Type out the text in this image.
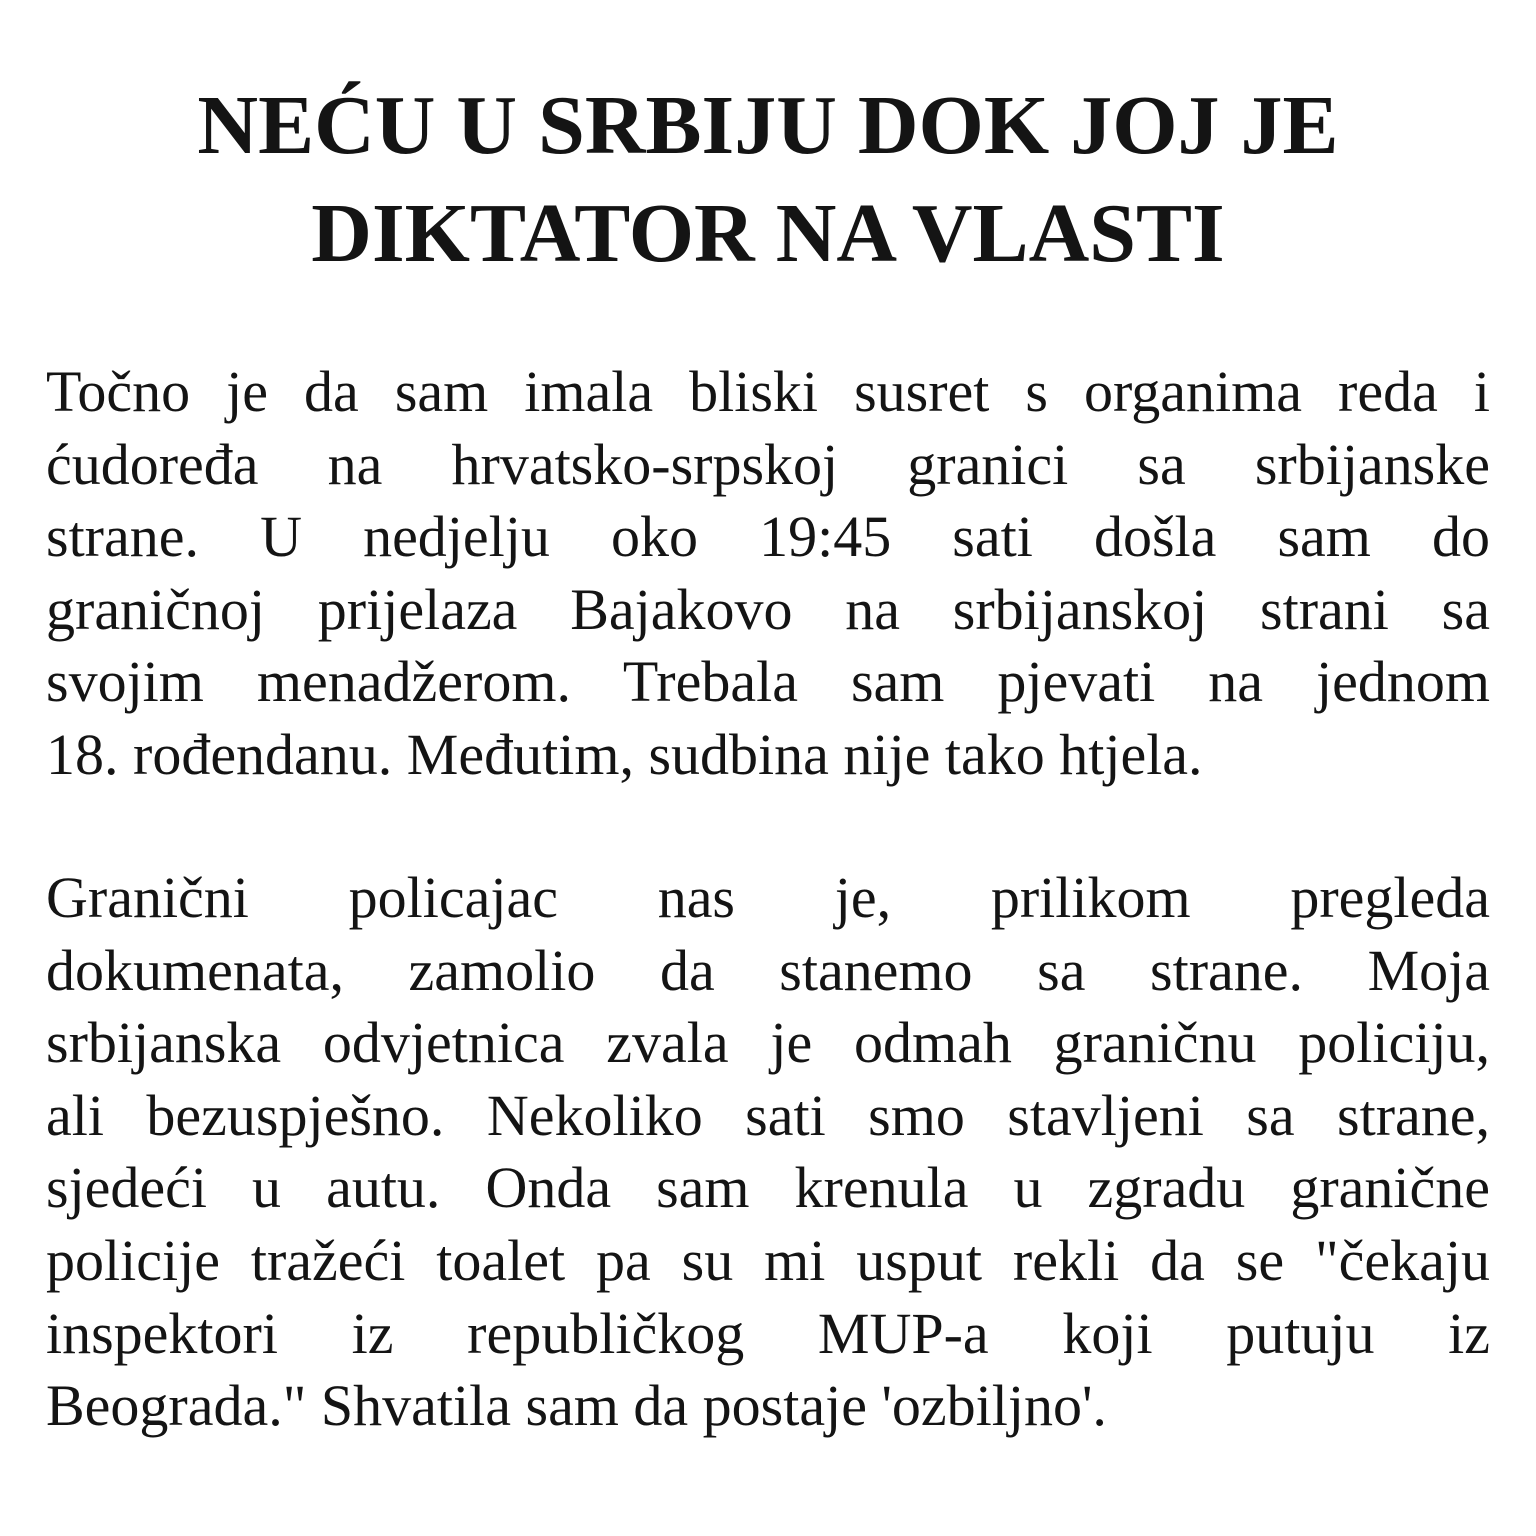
NEĆU U SRBIJU DOK JOJ JE
DIKTATOR NA VLASTI

Točno je da sam imala bliski susret s organima reda i
ćudoređa na hrvatsko-srpskoj granici sa srbijanske
strane. U nedjelju oko 19:45 sati došla sam do
graničnoj prijelaza Bajakovo na srbijanskoj strani sa
svojim menadžerom. Trebala sam pjevati na jednom
18. rođendanu. Međutim, sudbina nije tako htjela.

Granični policajac nas je, prilikom pregleda
dokumenata, zamolio da stanemo sa strane. Moja
srbijanska odvjetnica zvala je odmah graničnu policiju,
ali bezuspješno. Nekoliko sati smo stavljeni sa strane,
sjedeći u autu. Onda sam krenula u zgradu granične
policije tražeći toalet pa su mi usput rekli da se "čekaju
inspektori iz republičkog MUP-a koji putuju iz
Beograda." Shvatila sam da postaje 'ozbiljno'.
